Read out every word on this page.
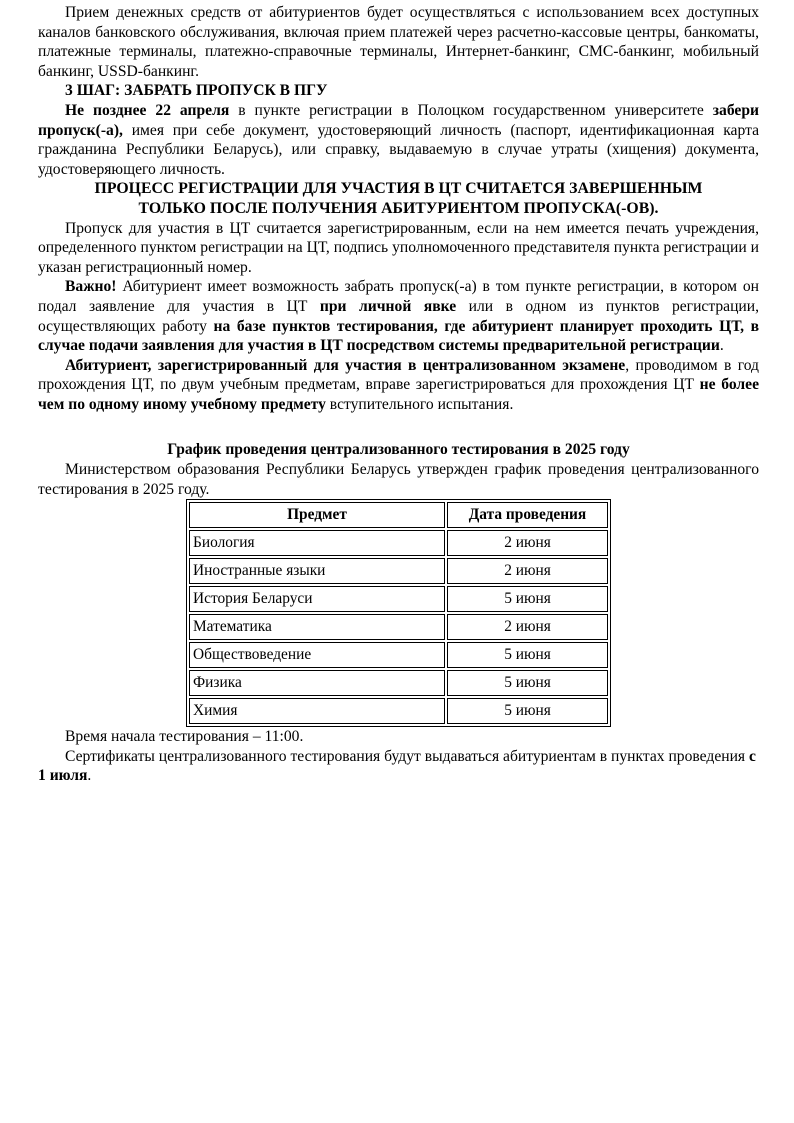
Прием денежных средств от абитуриентов будет осуществляться с использованием всех доступных каналов банковского обслуживания, включая прием платежей через расчетно-кассовые центры, банкоматы, платежные терминалы, платежно-справочные терминалы, Интернет-банкинг, СМС-банкинг, мобильный банкинг, USSD-банкинг.

3 ШАГ: ЗАБРАТЬ ПРОПУСК В ПГУ

Не позднее 22 апреля в пункте регистрации в Полоцком государственном университете забери пропуск(-а), имея при себе документ, удостоверяющий личность (паспорт, идентификационная карта гражданина Республики Беларусь), или справку, выдаваемую в случае утраты (хищения) документа, удостоверяющего личность.

ПРОЦЕСС РЕГИСТРАЦИИ ДЛЯ УЧАСТИЯ В ЦТ СЧИТАЕТСЯ ЗАВЕРШЕННЫМ

ТОЛЬКО ПОСЛЕ ПОЛУЧЕНИЯ АБИТУРИЕНТОМ ПРОПУСКА(-ОВ).

Пропуск для участия в ЦТ считается зарегистрированным, если на нем имеется печать учреждения, определенного пунктом регистрации на ЦТ, подпись уполномоченного представителя пункта регистрации и указан регистрационный номер.

Важно! Абитуриент имеет возможность забрать пропуск(-а) в том пункте регистрации, в котором он подал заявление для участия в ЦТ при личной явке или в одном из пунктов регистрации, осуществляющих работу на базе пунктов тестирования, где абитуриент планирует проходить ЦТ, в случае подачи заявления для участия в ЦТ посредством системы предварительной регистрации.

Абитуриент, зарегистрированный для участия в централизованном экзамене, проводимом в год прохождения ЦТ, по двум учебным предметам, вправе зарегистрироваться для прохождения ЦТ не более чем по одному иному учебному предмету вступительного испытания.

График проведения централизованного тестирования в 2025 году

Министерством образования Республики Беларусь утвержден график проведения централизованного тестирования в 2025 году.

Предмет	Дата проведения
Биология	2 июня
Иностранные языки	2 июня
История Беларуси	5 июня
Математика	2 июня
Обществоведение	5 июня
Физика	5 июня
Химия	5 июня

Время начала тестирования – 11:00.

Сертификаты централизованного тестирования будут выдаваться абитуриентам в пунктах проведения с 1 июля.
